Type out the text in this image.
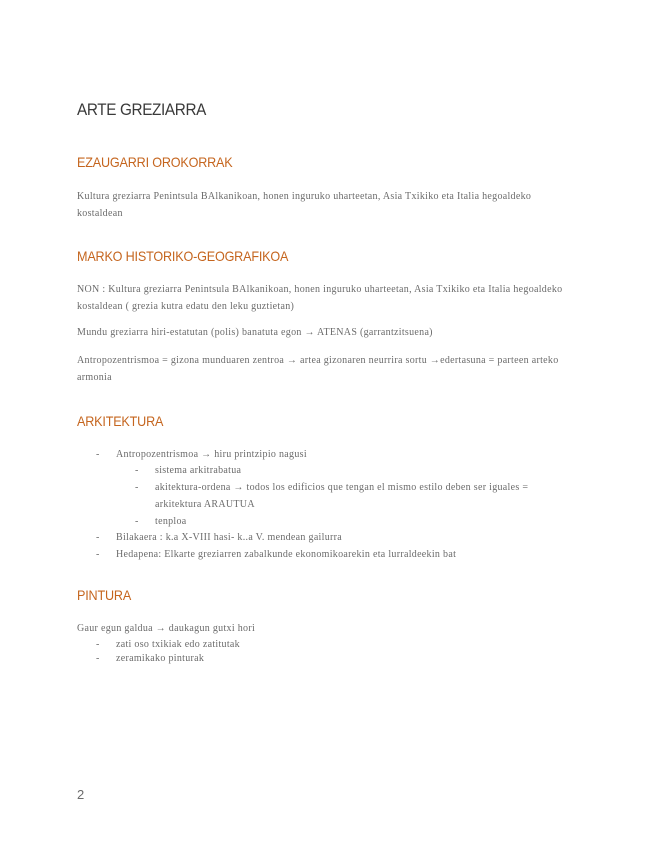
ARTE GREZIARRA
EZAUGARRI OROKORRAK

Kultura greziarra Penintsula BAlkanikoan, honen inguruko uharteetan, Asia Txikiko eta Italia hegoaldeko kostaldean

MARKO HISTORIKO-GEOGRAFIKOA

NON : Kultura greziarra Penintsula BAlkanikoan, honen inguruko uharteetan, Asia Txikiko eta Italia hegoaldeko kostaldean ( grezia kutra edatu den leku guztietan)

Mundu greziarra hiri-estatutan (polis) banatuta egon → ATENAS (garrantzitsuena)

Antropozentrismoa = gizona munduaren zentroa → artea gizonaren neurrira sortu →edertasuna = parteen arteko armonia

ARKITEKTURA
- Antropozentrismoa → hiru printzipio nagusi
- sistema arkitrabatua
- akitektura-ordena → todos los edificios que tengan el mismo estilo deben ser iguales = arkitektura ARAUTUA
- tenploa
- Bilakaera : k.a X-VIII hasi- k..a V. mendean gailurra
- Hedapena: Elkarte greziarren zabalkunde ekonomikoarekin eta lurraldeekin bat
PINTURA

Gaur egun galdua → daukagun gutxi hori

- zati oso txikiak edo zatitutak
- zeramikako pinturak
2
